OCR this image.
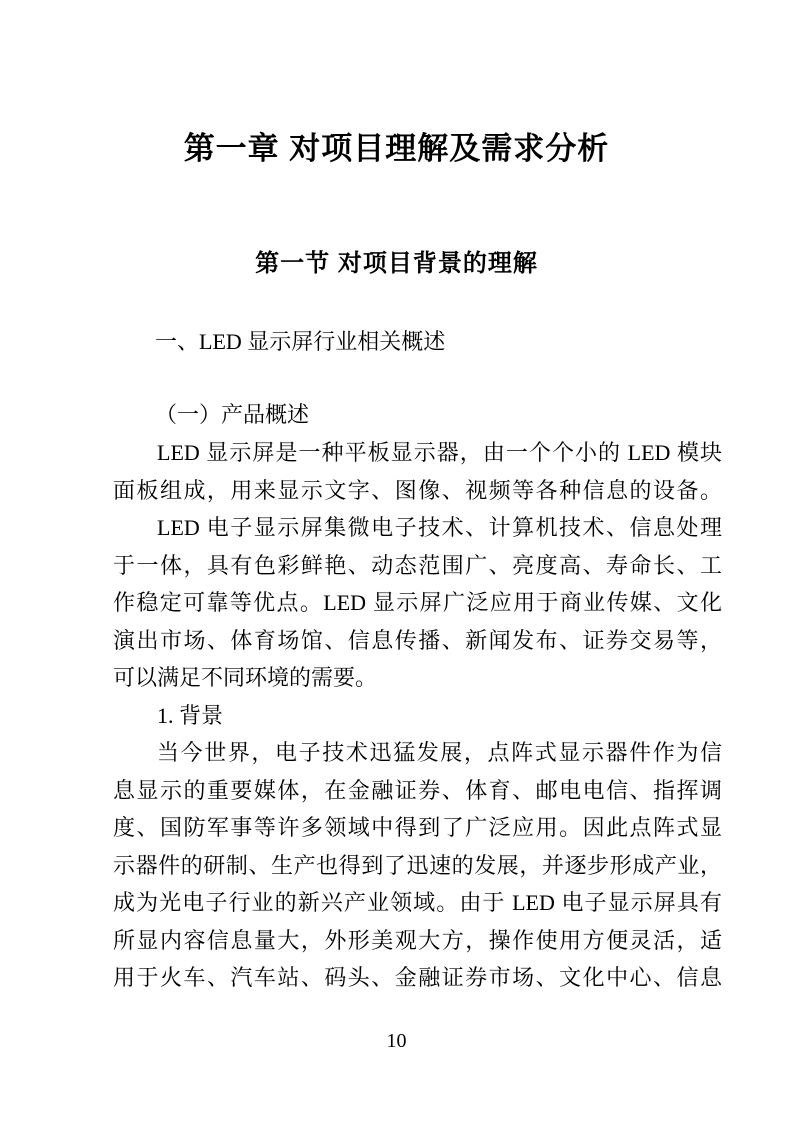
第一章 对项目理解及需求分析
第一节 对项目背景的理解
一、LED 显示屏行业相关概述
（一）产品概述
LED 显示屏是一种平板显示器，由一个个小的 LED 模块
面板组成，用来显示文字、图像、视频等各种信息的设备。
LED 电子显示屏集微电子技术、计算机技术、信息处理
于一体，具有色彩鲜艳、动态范围广、亮度高、寿命长、工
作稳定可靠等优点。LED 显示屏广泛应用于商业传媒、文化
演出市场、体育场馆、信息传播、新闻发布、证券交易等，
可以满足不同环境的需要。
1. 背景
当今世界，电子技术迅猛发展，点阵式显示器件作为信
息显示的重要媒体，在金融证券、体育、邮电电信、指挥调
度、国防军事等许多领域中得到了广泛应用。因此点阵式显
示器件的研制、生产也得到了迅速的发展，并逐步形成产业，
成为光电子行业的新兴产业领域。由于 LED 电子显示屏具有
所显内容信息量大，外形美观大方，操作使用方便灵活，适
用于火车、汽车站、码头、金融证券市场、文化中心、信息
10
